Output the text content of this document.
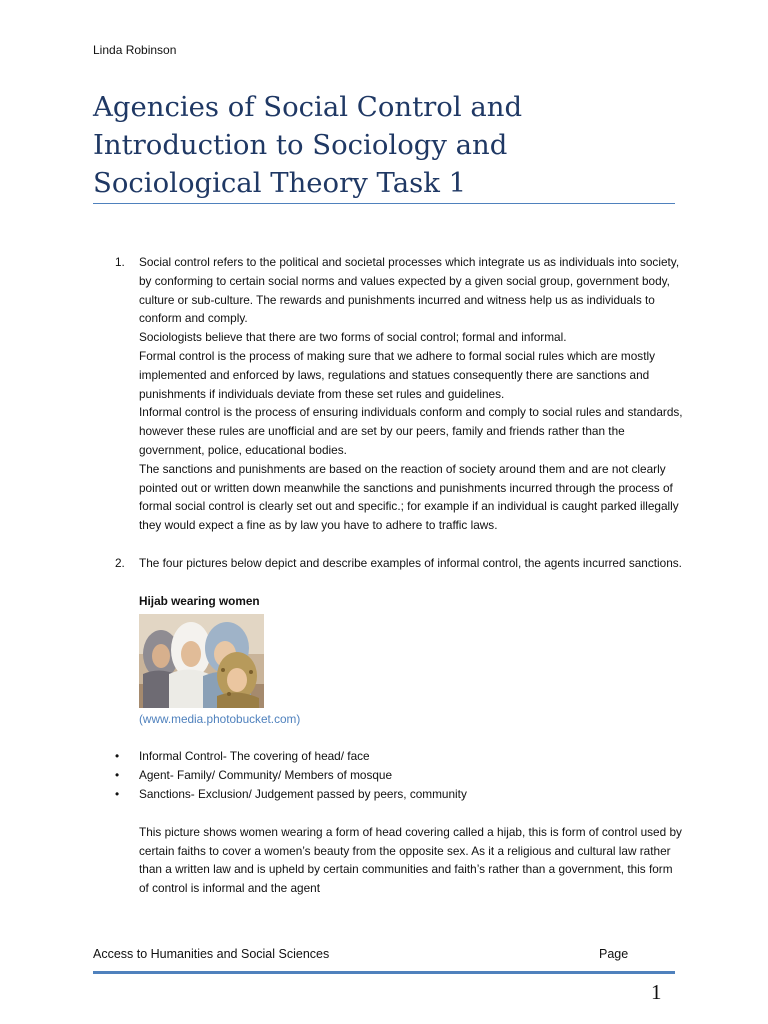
Linda Robinson
Agencies of Social Control and Introduction to Sociology and Sociological Theory Task 1
1. Social control refers to the political and societal processes which integrate us as individuals into society, by conforming to certain social norms and values expected by a given social group, government body, culture or sub-culture. The rewards and punishments incurred and witness help us as individuals to conform and comply.

Sociologists believe that there are two forms of social control; formal and informal.

Formal control is the process of making sure that we adhere to formal social rules which are mostly implemented and enforced by laws, regulations and statues consequently there are sanctions and punishments if individuals deviate from these set rules and guidelines.

Informal control is the process of ensuring individuals conform and comply to social rules and standards, however these rules are unofficial and are set by our peers, family and friends rather than the government, police, educational bodies.

The sanctions and punishments are based on the reaction of society around them and are not clearly pointed out or written down meanwhile the sanctions and punishments incurred through the process of formal social control is clearly set out and specific.; for example if an individual is caught parked illegally they would expect a fine as by law you have to adhere to traffic laws.

2. The four pictures below depict and describe examples of informal control, the agents incurred sanctions.

Hijab wearing women

(www.media.photobucket.com)

• Informal Control- The covering of head/ face
• Agent- Family/ Community/ Members of mosque
• Sanctions- Exclusion/ Judgement passed by peers, community

This picture shows women wearing a form of head covering called a hijab, this is form of control used by certain faiths to cover a women’s beauty from the opposite sex. As it a religious and cultural law rather than a written law and is upheld by certain communities and faith’s rather than a government, this form of control is informal and the agent

Access to Humanities and Social Sciences	Page
1
